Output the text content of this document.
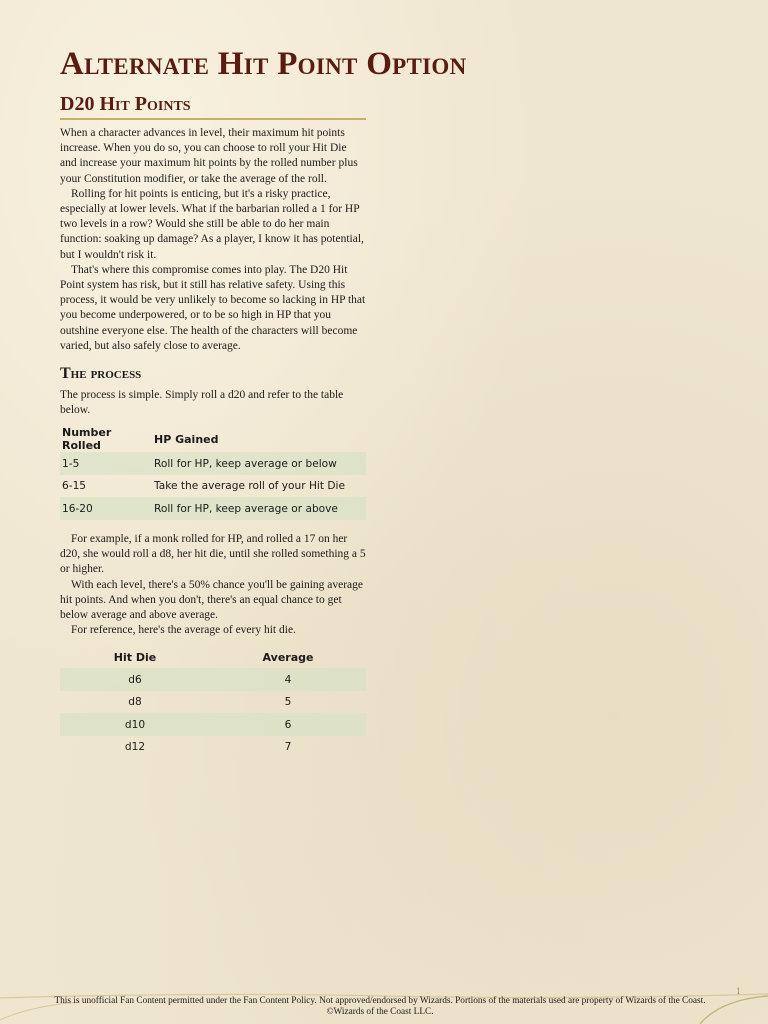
Alternate Hit Point Option
D20 Hit Points

When a character advances in level, their maximum hit points increase. When you do so, you can choose to roll your Hit Die and increase your maximum hit points by the rolled number plus your Constitution modifier, or take the average of the roll.

Rolling for hit points is enticing, but it's a risky practice, especially at lower levels. What if the barbarian rolled a 1 for HP two levels in a row? Would she still be able to do her main function: soaking up damage? As a player, I know it has potential, but I wouldn't risk it.

That's where this compromise comes into play. The D20 Hit Point system has risk, but it still has relative safety. Using this process, it would be very unlikely to become so lacking in HP that you become underpowered, or to be so high in HP that you outshine everyone else. The health of the characters will become varied, but also safely close to average.

The process

The process is simple. Simply roll a d20 and refer to the table below.

Number Rolled	HP Gained
1-5	Roll for HP, keep average or below
6-15	Take the average roll of your Hit Die
16-20	Roll for HP, keep average or above

For example, if a monk rolled for HP, and rolled a 17 on her d20, she would roll a d8, her hit die, until she rolled something a 5 or higher.

With each level, there's a 50% chance you'll be gaining average hit points. And when you don't, there's an equal chance to get below average and above average.

For reference, here's the average of every hit die.

Hit Die	Average
d6	4
d8	5
d10	6
d12	7
1
This is unofficial Fan Content permitted under the Fan Content Policy. Not approved/endorsed by Wizards. Portions of the materials used are property of Wizards of the Coast. ©Wizards of the Coast LLC.
